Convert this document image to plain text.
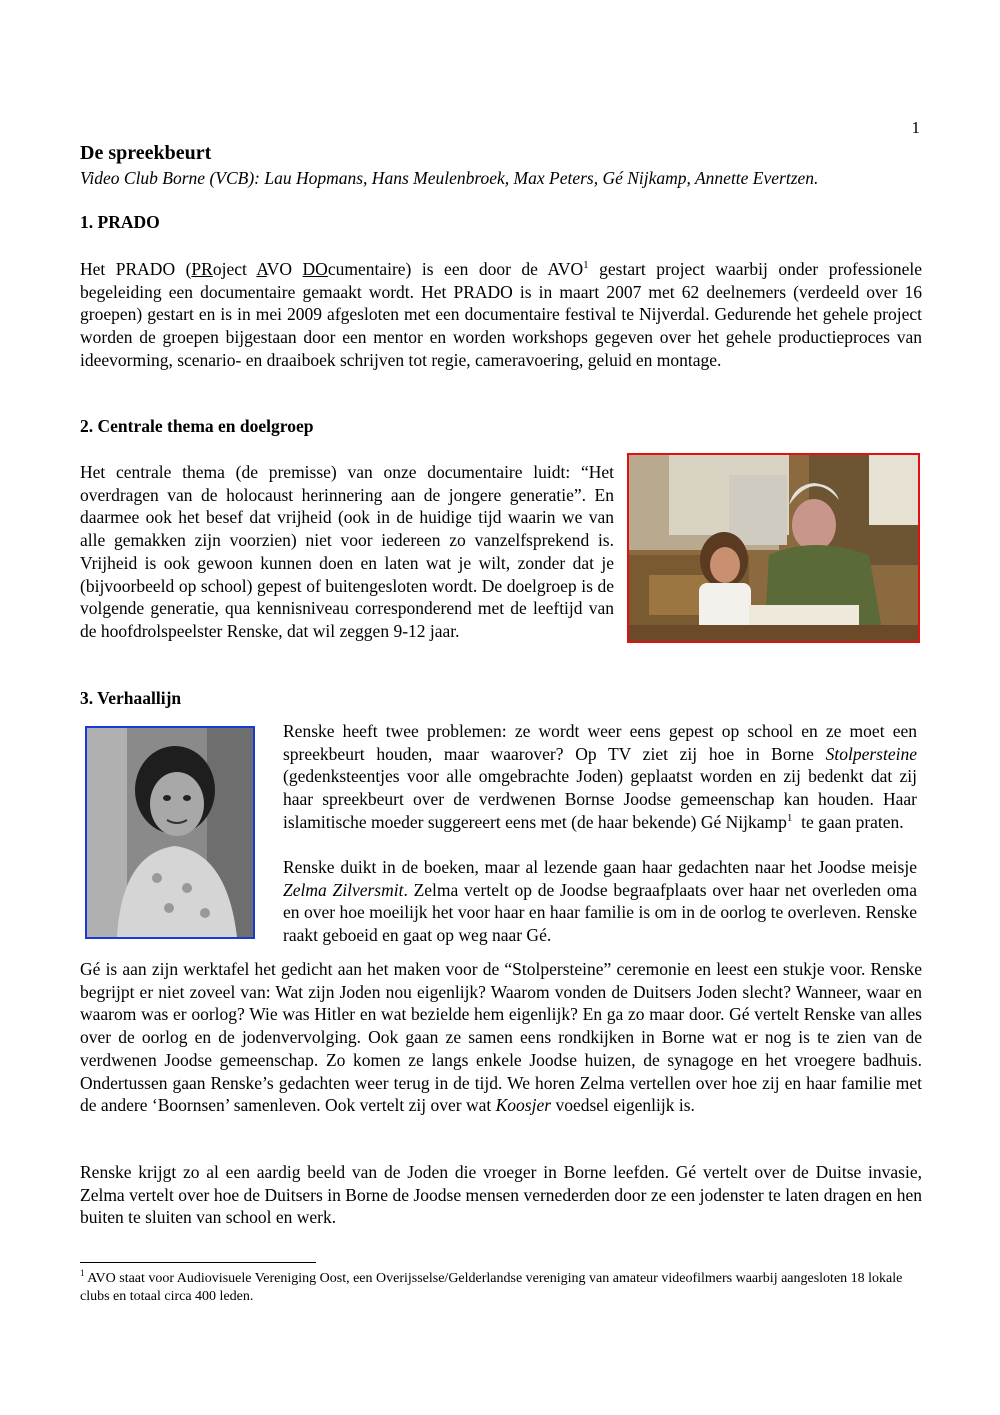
1
De spreekbeurt

Video Club Borne (VCB): Lau Hopmans, Hans Meulenbroek, Max Peters, Gé Nijkamp, Annette Evertzen.

1. PRADO

Het PRADO (PRoject AVO DOcumentaire) is een door de AVO$^1$ gestart project waarbij onder professionele begeleiding een documentaire gemaakt wordt. Het PRADO is in maart 2007 met 62 deelnemers (verdeeld over 16 groepen) gestart en is in mei 2009 afgesloten met een documentaire festival te Nijverdal. Gedurende het gehele project worden de groepen bijgestaan door een mentor en worden workshops gegeven over het gehele productieproces van ideevorming, scenario- en draaiboek schrijven tot regie, cameravoering, geluid en montage.

2. Centrale thema en doelgroep

Het centrale thema (de premisse) van onze documentaire luidt: “Het overdragen van de holocaust herinnering aan de jongere generatie”. En daarmee ook het besef dat vrijheid (ook in de huidige tijd waarin we van alle gemakken zijn voorzien) niet voor iedereen zo vanzelfsprekend is. Vrijheid is ook gewoon kunnen doen en laten wat je wilt, zonder dat je (bijvoorbeeld op school) gepest of buitengesloten wordt. De doelgroep is de volgende generatie, qua kennisniveau corresponderend met de leeftijd van de hoofdrolspeelster Renske, dat wil zeggen 9-12 jaar.

3. Verhaallijn

Renske heeft twee problemen: ze wordt weer eens gepest op school en ze moet een spreekbeurt houden, maar waarover? Op TV ziet zij hoe in Borne Stolpersteine (gedenksteentjes voor alle omgebrachte Joden) geplaatst worden en zij bedenkt dat zij haar spreekbeurt over de verdwenen Bornse Joodse gemeenschap kan houden. Haar islamitische moeder suggereert eens met (de haar bekende) Gé Nijkamp$^1$  te gaan praten.

Renske duikt in de boeken, maar al lezende gaan haar gedachten naar het Joodse meisje Zelma Zilversmit. Zelma vertelt op de Joodse begraafplaats over haar net overleden oma en over hoe moeilijk het voor haar en haar familie is om in de oorlog te overleven. Renske raakt geboeid en gaat op weg naar Gé.

Gé is aan zijn werktafel het gedicht aan het maken voor de “Stolpersteine” ceremonie en leest een stukje voor. Renske begrijpt er niet zoveel van: Wat zijn Joden nou eigenlijk? Waarom vonden de Duitsers Joden slecht? Wanneer, waar en waarom was er oorlog? Wie was Hitler en wat bezielde hem eigenlijk? En ga zo maar door. Gé vertelt Renske van alles over de oorlog en de jodenvervolging. Ook gaan ze samen eens rondkijken in Borne wat er nog is te zien van de verdwenen Joodse gemeenschap. Zo komen ze langs enkele Joodse huizen, de synagoge en het vroegere badhuis. Ondertussen gaan Renske’s gedachten weer terug in de tijd. We horen Zelma vertellen over hoe zij en haar familie met de andere ‘Boornsen’ samenleven. Ook vertelt zij over wat Koosjer voedsel eigenlijk is.

Renske krijgt zo al een aardig beeld van de Joden die vroeger in Borne leefden. Gé vertelt over de Duitse invasie, Zelma vertelt over hoe de Duitsers in Borne de Joodse mensen vernederden door ze een jodenster te laten dragen en hen buiten te sluiten van school en werk.

$^1$ AVO staat voor Audiovisuele Vereniging Oost, een Overijsselse/Gelderlandse vereniging van amateur videofilmers waarbij aangesloten 18 lokale clubs en totaal circa 400 leden.
